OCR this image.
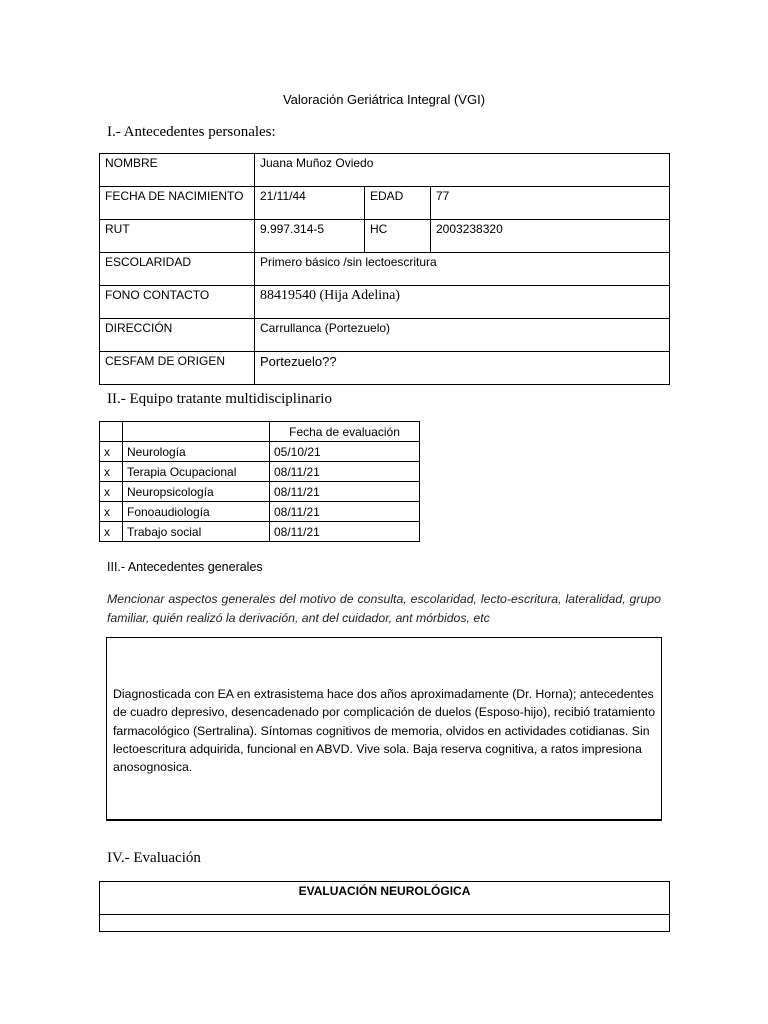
Valoración Geriátrica Integral (VGI)
I.- Antecedentes personales:
NOMBRE	Juana Muñoz Oviedo		
FECHA DE NACIMIENTO	21/11/44	EDAD	77
RUT	9.997.314-5	HC	2003238320
ESCOLARIDAD	Primero básico /sin lectoescritura		
FONO CONTACTO	88419540 (Hija Adelina)		
DIRECCIÓN	Carrullanca (Portezuelo)		
CESFAM DE ORIGEN	Portezuelo??		
II.- Equipo tratante multidisciplinario
		Fecha de evaluación
x	Neurología	05/10/21
x	Terapia Ocupacional	08/11/21
x	Neuropsicología	08/11/21
x	Fonoaudiología	08/11/21
x	Trabajo social	08/11/21
III.- Antecedentes generales
Mencionar aspectos generales del motivo de consulta, escolaridad, lecto-escritura, lateralidad, grupo familiar, quién realizó la derivación, ant del cuidador, ant mórbidos, etc
Diagnosticada con EA en extrasistema hace dos años aproximadamente (Dr. Horna); antecedentes de cuadro depresivo, desencadenado por complicación de duelos (Esposo-hijo), recibió tratamiento farmacológico (Sertralina). Síntomas cognitivos de memoria, olvidos en actividades cotidianas. Sin lectoescritura adquirida, funcional en ABVD. Vive sola. Baja reserva cognitiva, a ratos impresiona anosognosica.
IV.- Evaluación
EVALUACIÓN NEUROLÓGICA
